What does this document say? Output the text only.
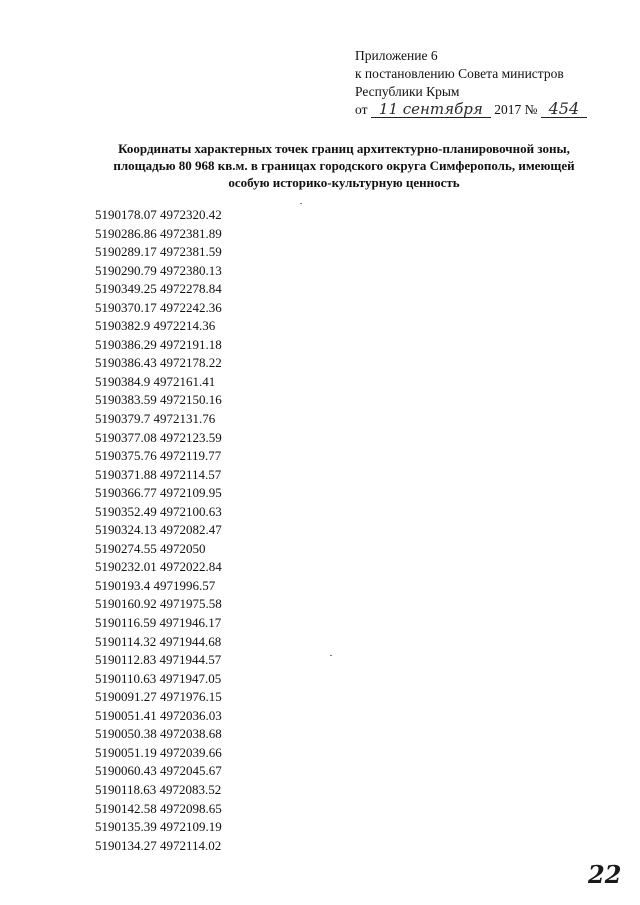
Приложение 6
к постановлению Совета министров
Республики Крым
от 11 сентября 2017 № 454
Координаты характерных точек границ архитектурно-планировочной зоны, площадью 80 968 кв.м. в границах городского округа Симферополь, имеющей особую историко-культурную ценность
5190178.07 4972320.42
5190286.86 4972381.89
5190289.17 4972381.59
5190290.79 4972380.13
5190349.25 4972278.84
5190370.17 4972242.36
5190382.9 4972214.36
5190386.29 4972191.18
5190386.43 4972178.22
5190384.9 4972161.41
5190383.59 4972150.16
5190379.7 4972131.76
5190377.08 4972123.59
5190375.76 4972119.77
5190371.88 4972114.57
5190366.77 4972109.95
5190352.49 4972100.63
5190324.13 4972082.47
5190274.55 4972050
5190232.01 4972022.84
5190193.4 4971996.57
5190160.92 4971975.58
5190116.59 4971946.17
5190114.32 4971944.68
5190112.83 4971944.57
5190110.63 4971947.05
5190091.27 4971976.15
5190051.41 4972036.03
5190050.38 4972038.68
5190051.19 4972039.66
5190060.43 4972045.67
5190118.63 4972083.52
5190142.58 4972098.65
5190135.39 4972109.19
5190134.27 4972114.02
22
